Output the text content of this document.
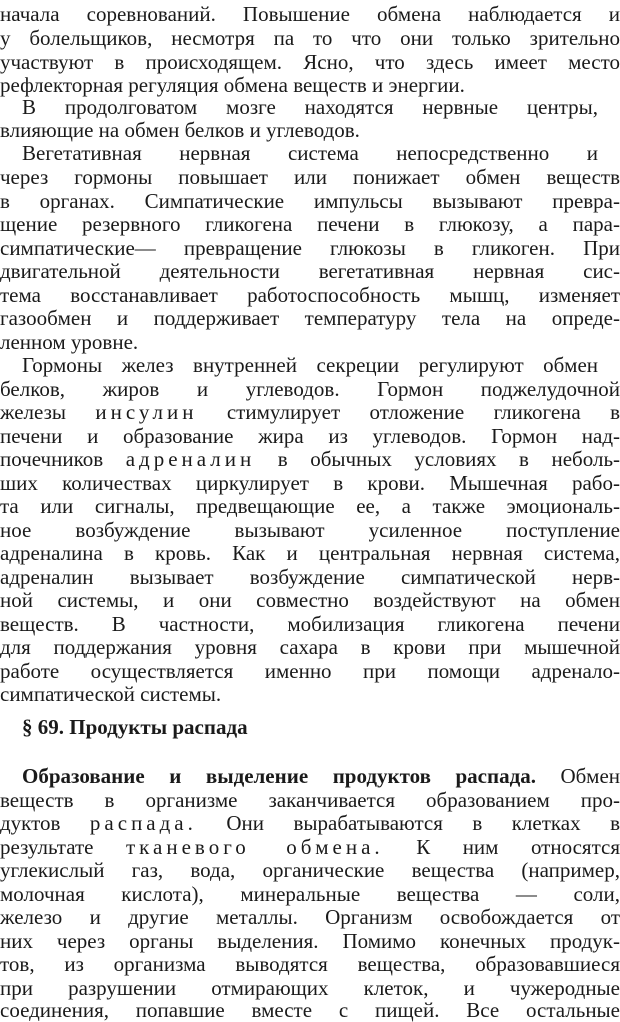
начала соревнований. Повышение обмена наблюдается и
у болельщиков, несмотря па то что они только зрительно
участвуют в происходящем. Ясно, что здесь имеет место
рефлекторная регуляция обмена веществ и энергии.
В продолговатом мозге находятся нервные центры,
влияющие на обмен белков и углеводов.
Вегетативная нервная система непосредственно и
через гормоны повышает или понижает обмен веществ
в органах. Симпатические импульсы вызывают превра-
щение резервного гликогена печени в глюкозу, а пара-
симпатические— превращение глюкозы в гликоген. При
двигательной деятельности вегетативная нервная сис-
тема восстанавливает работоспособность мышц, изменяет
газообмен и поддерживает температуру тела на опреде-
ленном уровне.
Гормоны желез внутренней секреции регулируют обмен
белков, жиров и углеводов. Гормон поджелудочной
железы инсулин стимулирует отложение гликогена в
печени и образование жира из углеводов. Гормон над-
почечников адреналин в обычных условиях в неболь-
ших количествах циркулирует в крови. Мышечная рабо-
та или сигналы, предвещающие ее, а также эмоциональ-
ное возбуждение вызывают усиленное поступление
адреналина в кровь. Как и центральная нервная система,
адреналин вызывает возбуждение симпатической нерв-
ной системы, и они совместно воздействуют на обмен
веществ. В частности, мобилизация гликогена печени
для поддержания уровня сахара в крови при мышечной
работе осуществляется именно при помощи адренало-
симпатической системы.
§ 69. Продукты распада
Образование и выделение продуктов распада. Обмен
веществ в организме заканчивается образованием про-
дуктов распада. Они вырабатываются в клетках в
результате тканевого обмена. К ним относятся
углекислый газ, вода, органические вещества (например,
молочная кислота), минеральные вещества — соли,
железо и другие металлы. Организм освобождается от
них через органы выделения. Помимо конечных продук-
тов, из организма выводятся вещества, образовавшиеся
при разрушении отмирающих клеток, и чужеродные
соединения, попавшие вместе с пищей. Все остальные
